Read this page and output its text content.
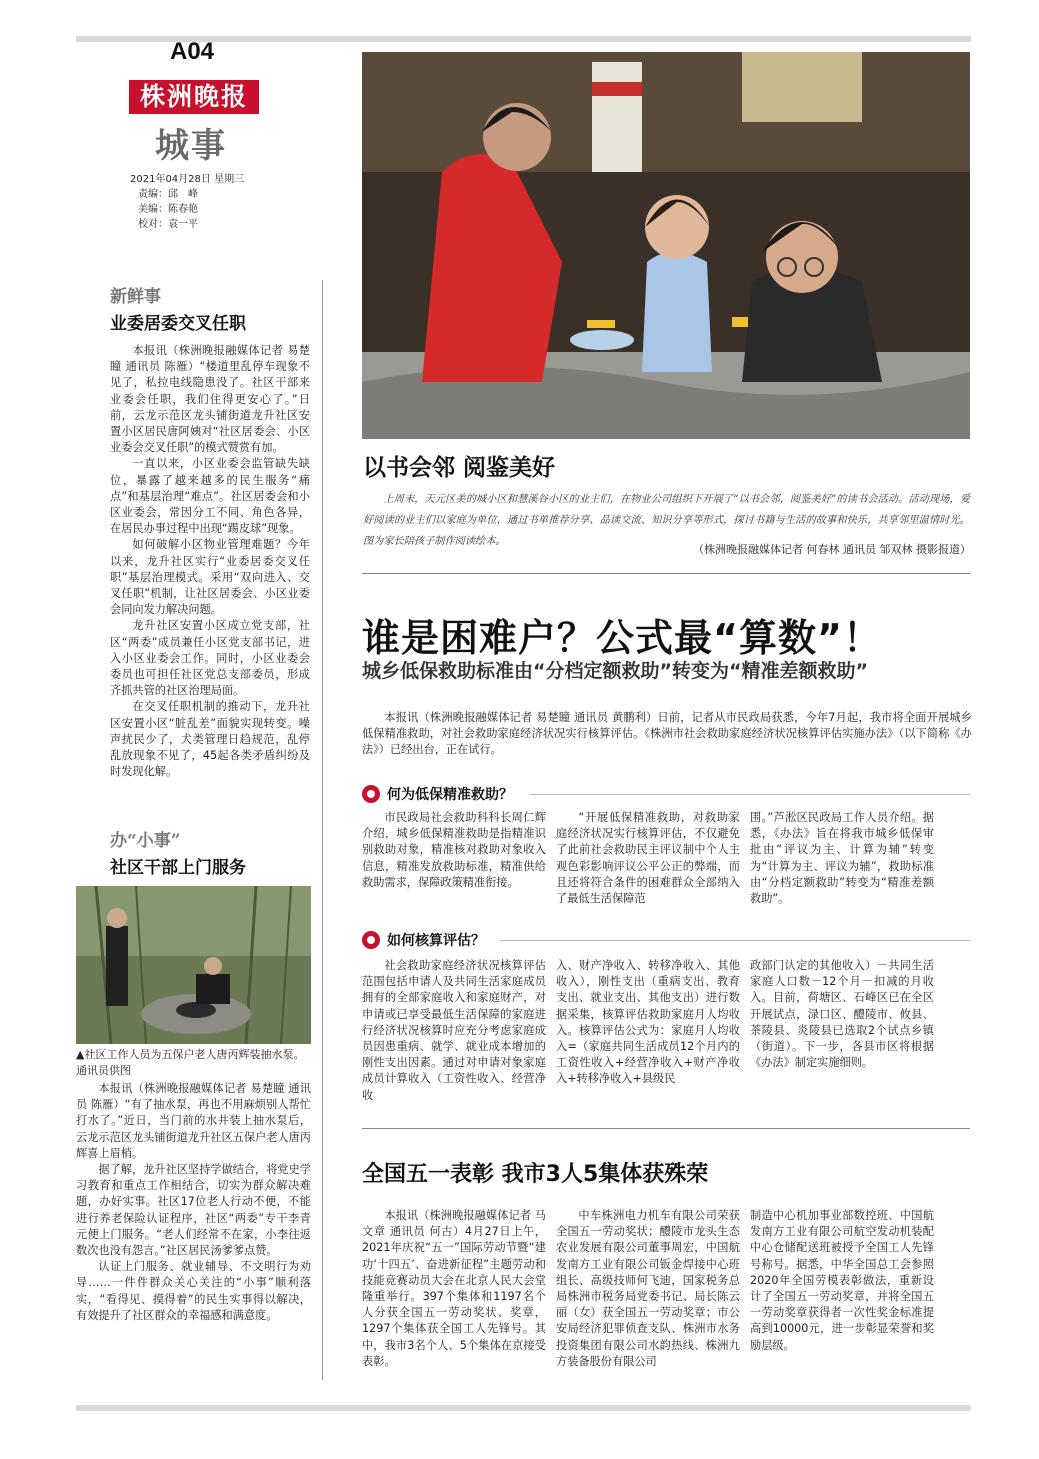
A04
株洲晚报
城事
2021年04月28日 星期三
责编：邱　峰
美编：陈春艳
校对：袁一平
新鲜事
业委居委交叉任职

本报讯（株洲晚报融媒体记者 易楚瞳 通讯员 陈雁）“楼道里乱停车现象不见了，私拉电线隐患没了。社区干部来业委会任职，我们住得更安心了。”日前，云龙示范区龙头铺街道龙升社区安置小区居民唐阿姨对“社区居委会、小区业委会交叉任职”的模式赞赏有加。

一直以来，小区业委会监管缺失缺位，暴露了越来越多的民生服务“痛点”和基层治理“难点”。社区居委会和小区业委会，常因分工不同、角色各异，在居民办事过程中出现“踢皮球”现象。

如何破解小区物业管理难题？今年以来，龙升社区实行“业委居委交叉任职”基层治理模式。采用“双向进入、交叉任职”机制，让社区居委会、小区业委会同向发力解决问题。

龙升社区安置小区成立党支部，社区“两委”成员兼任小区党支部书记，进入小区业委会工作。同时，小区业委会委员也可担任社区党总支部委员，形成齐抓共管的社区治理局面。

在交叉任职机制的推动下，龙升社区安置小区“脏乱差”面貌实现转变。噪声扰民少了，犬类管理日趋规范，乱停乱放现象不见了，45起各类矛盾纠纷及时发现化解。

办“小事”
社区干部上门服务
▲社区工作人员为五保户老人唐丙辉装抽水泵。 通讯员供图

本报讯（株洲晚报融媒体记者 易楚瞳 通讯员 陈雁）“有了抽水泵，再也不用麻烦别人帮忙打水了。”近日，当门前的水井装上抽水泵后，云龙示范区龙头铺街道龙升社区五保户老人唐丙辉喜上眉梢。

据了解，龙升社区坚持学做结合，将党史学习教育和重点工作相结合，切实为群众解决难题，办好实事。社区17位老人行动不便，不能进行养老保险认证程序，社区“两委”专干李青元便上门服务。“老人们经常不在家，小李往返数次也没有怨言。”社区居民汤爹爹点赞。

认证上门服务、就业辅导、不文明行为劝导……一件件群众关心关注的“小事”顺利落实，“看得见、摸得着”的民生实事得以解决，有效提升了社区群众的幸福感和满意度。

以书会邻 阅鉴美好
上周末，天元区美的城小区和慧溪谷小区的业主们，在物业公司组织下开展了“以书会邻，阅鉴美好”的读书会活动。活动现场，爱好阅读的业主们以家庭为单位，通过书单推荐分享、品读交流、知识分享等形式，探讨书籍与生活的故事和快乐，共享邻里温情时光。图为家长陪孩子制作阅读绘本。
（株洲晚报融媒体记者 何春林 通讯员 邹双林 摄影报道）
谁是困难户？公式最“算数”！
城乡低保救助标准由“分档定额救助”转变为“精准差额救助”
本报讯（株洲晚报融媒体记者 易楚瞳 通讯员 黄鹏利）日前，记者从市民政局获悉，今年7月起，我市将全面开展城乡低保精准救助，对社会救助家庭经济状况实行核算评估。《株洲市社会救助家庭经济状况核算评估实施办法》（以下简称《办法》）已经出台，正在试行。
何为低保精准救助？

市民政局社会救助科科长周仁辉介绍，城乡低保精准救助是指精准识别救助对象，精准核对救助对象收入信息，精准发放救助标准，精准供给救助需求，保障政策精准衔接。

“开展低保精准救助，对救助家庭经济状况实行核算评估，不仅避免了此前社会救助民主评议制中个人主观色彩影响评议公平公正的弊端，而且还将符合条件的困难群众全部纳入了最低生活保障范

围。”芦淞区民政局工作人员介绍。据悉，《办法》旨在将我市城乡低保审批由“评议为主、计算为辅”转变为“计算为主、评议为辅”，救助标准由“分档定额救助”转变为“精准差额救助”。

如何核算评估？

社会救助家庭经济状况核算评估范围包括申请人及共同生活家庭成员拥有的全部家庭收入和家庭财产，对申请或已享受最低生活保障的家庭进行经济状况核算时应充分考虑家庭成员因患重病、就学、就业成本增加的刚性支出因素。通过对申请对象家庭成员计算收入（工资性收入、经营净收

入、财产净收入、转移净收入、其他收入），刚性支出（重病支出、教育支出、就业支出、其他支出）进行数据采集，核算评估救助家庭月人均收入。核算评估公式为：家庭月人均收入=（家庭共同生活成员12个月内的工资性收入+经营净收入+财产净收入+转移净收入+县级民

政部门认定的其他收入）－共同生活家庭人口数－12个月－扣减的月收入。目前，荷塘区、石峰区已在全区开展试点，渌口区、醴陵市、攸县、茶陵县、炎陵县已选取2个试点乡镇（街道）。下一步，各县市区将根据《办法》制定实施细则。

全国五一表彰 我市3人5集体获殊荣

本报讯（株洲晚报融媒体记者 马文章 通讯员 何古）4月27日上午，2021年庆祝“五一”国际劳动节暨“建功‘十四五’、奋进新征程”主题劳动和技能竞赛动员大会在北京人民大会堂隆重举行。397个集体和1197名个人分获全国五一劳动奖状、奖章，1297个集体获全国工人先锋号。其中，我市3名个人、5个集体在京接受表彰。

中车株洲电力机车有限公司荣获全国五一劳动奖状；醴陵市龙头生态农业发展有限公司董事周宏，中国航发南方工业有限公司钣金焊接中心班组长、高级技师何飞迪，国家税务总局株洲市税务局党委书记、局长陈云丽（女）获全国五一劳动奖章；市公安局经济犯罪侦查支队、株洲市水务投资集团有限公司水韵热线、株洲九方装备股份有限公司

制造中心机加事业部数控班、中国航发南方工业有限公司航空发动机装配中心仓储配送班被授予全国工人先锋号称号。据悉，中华全国总工会参照2020年全国劳模表彰做法，重新设计了全国五一劳动奖章，并将全国五一劳动奖章获得者一次性奖金标准提高到10000元，进一步彰显荣誉和奖励层级。
